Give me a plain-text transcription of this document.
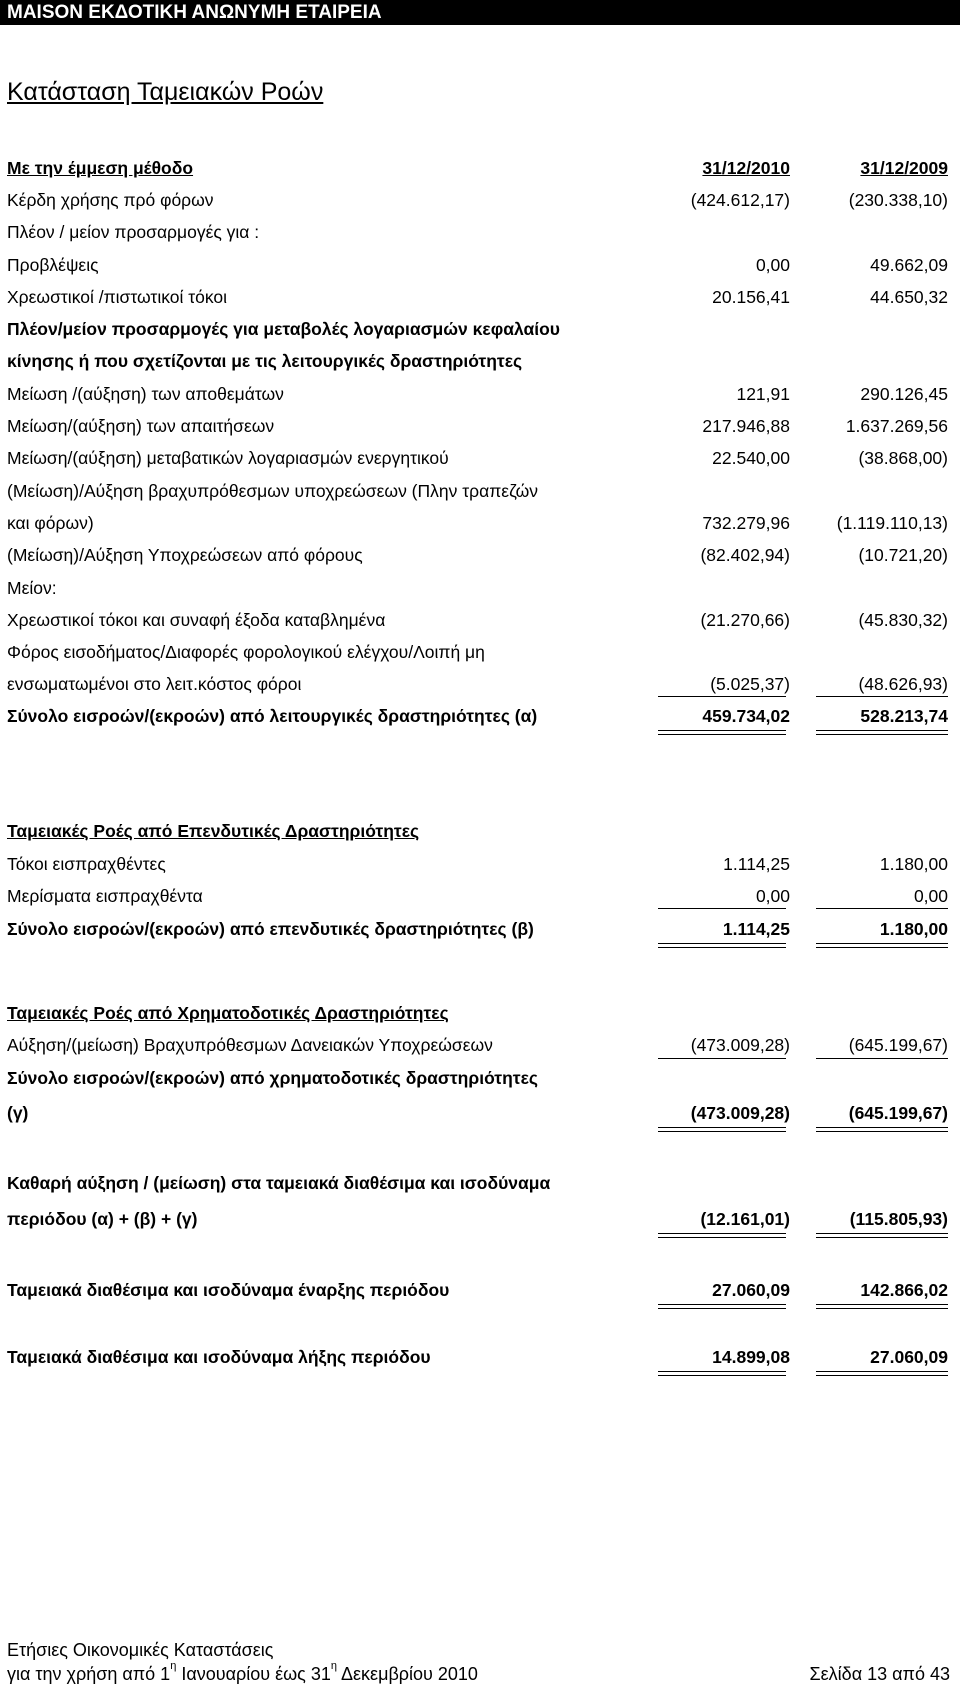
MAISON ΕΚΔΟΤΙΚΗ ΑΝΩΝΥΜΗ ΕΤΑΙΡΕΙΑ
Κατάσταση Ταμειακών Ροών
Με την έμμεση μέθοδο	31/12/2010	31/12/2009
Κέρδη χρήσης πρό φόρων	(424.612,17)	(230.338,10)
Πλέον / μείον προσαρμογές για :
Προβλέψεις	0,00	49.662,09
Χρεωστικοί /πιστωτικοί τόκοι	20.156,41	44.650,32
Πλέον/μείον προσαρμογές για μεταβολές λογαριασμών κεφαλαίου
κίνησης ή που σχετίζονται με τις λειτουργικές δραστηριότητες
Μείωση /(αύξηση) των αποθεμάτων	121,91	290.126,45
Μείωση/(αύξηση) των απαιτήσεων	217.946,88	1.637.269,56
Μείωση/(αύξηση) μεταβατικών λογαριασμών ενεργητικού	22.540,00	(38.868,00)
(Μείωση)/Αύξηση βραχυπρόθεσμων υποχρεώσεων (Πλην τραπεζών
και φόρων)	732.279,96	(1.119.110,13)
(Μείωση)/Αύξηση Υποχρεώσεων από φόρους	(82.402,94)	(10.721,20)
Μείον:
Χρεωστικοί τόκοι και συναφή έξοδα καταβλημένα	(21.270,66)	(45.830,32)
Φόρος εισοδήματος/Διαφορές φορολογικού ελέγχου/Λοιπή μη
ενσωματωμένοι στο λειτ.κόστος φόροι	(5.025,37)	(48.626,93)
Σύνολο εισροών/(εκροών) από λειτουργικές δραστηριότητες (α)	459.734,02	528.213,74
Ταμειακές Ροές από Επενδυτικές Δραστηριότητες
Τόκοι εισπραχθέντες	1.114,25	1.180,00
Μερίσματα εισπραχθέντα	0,00	0,00
Σύνολο εισροών/(εκροών) από επενδυτικές δραστηριότητες (β)	1.114,25	1.180,00
Ταμειακές Ροές από Χρηματοδοτικές Δραστηριότητες
Αύξηση/(μείωση) Βραχυπρόθεσμων Δανειακών Υποχρεώσεων	(473.009,28)	(645.199,67)
Σύνολο εισροών/(εκροών) από χρηματοδοτικές δραστηριότητες
(γ)	(473.009,28)	(645.199,67)
Καθαρή αύξηση / (μείωση) στα ταμειακά διαθέσιμα και ισοδύναμα
περιόδου (α) + (β) + (γ)	(12.161,01)	(115.805,93)
Ταμειακά διαθέσιμα και ισοδύναμα έναρξης περιόδου	27.060,09	142.866,02
Ταμειακά διαθέσιμα και ισοδύναμα λήξης περιόδου	14.899,08	27.060,09
Ετήσιες Οικονομικές Καταστάσεις
για την χρήση από $1^\eta$ Ιανουαρίου έως $31^\eta$ Δεκεμβρίου 2010	Σελίδα 13 από 43
